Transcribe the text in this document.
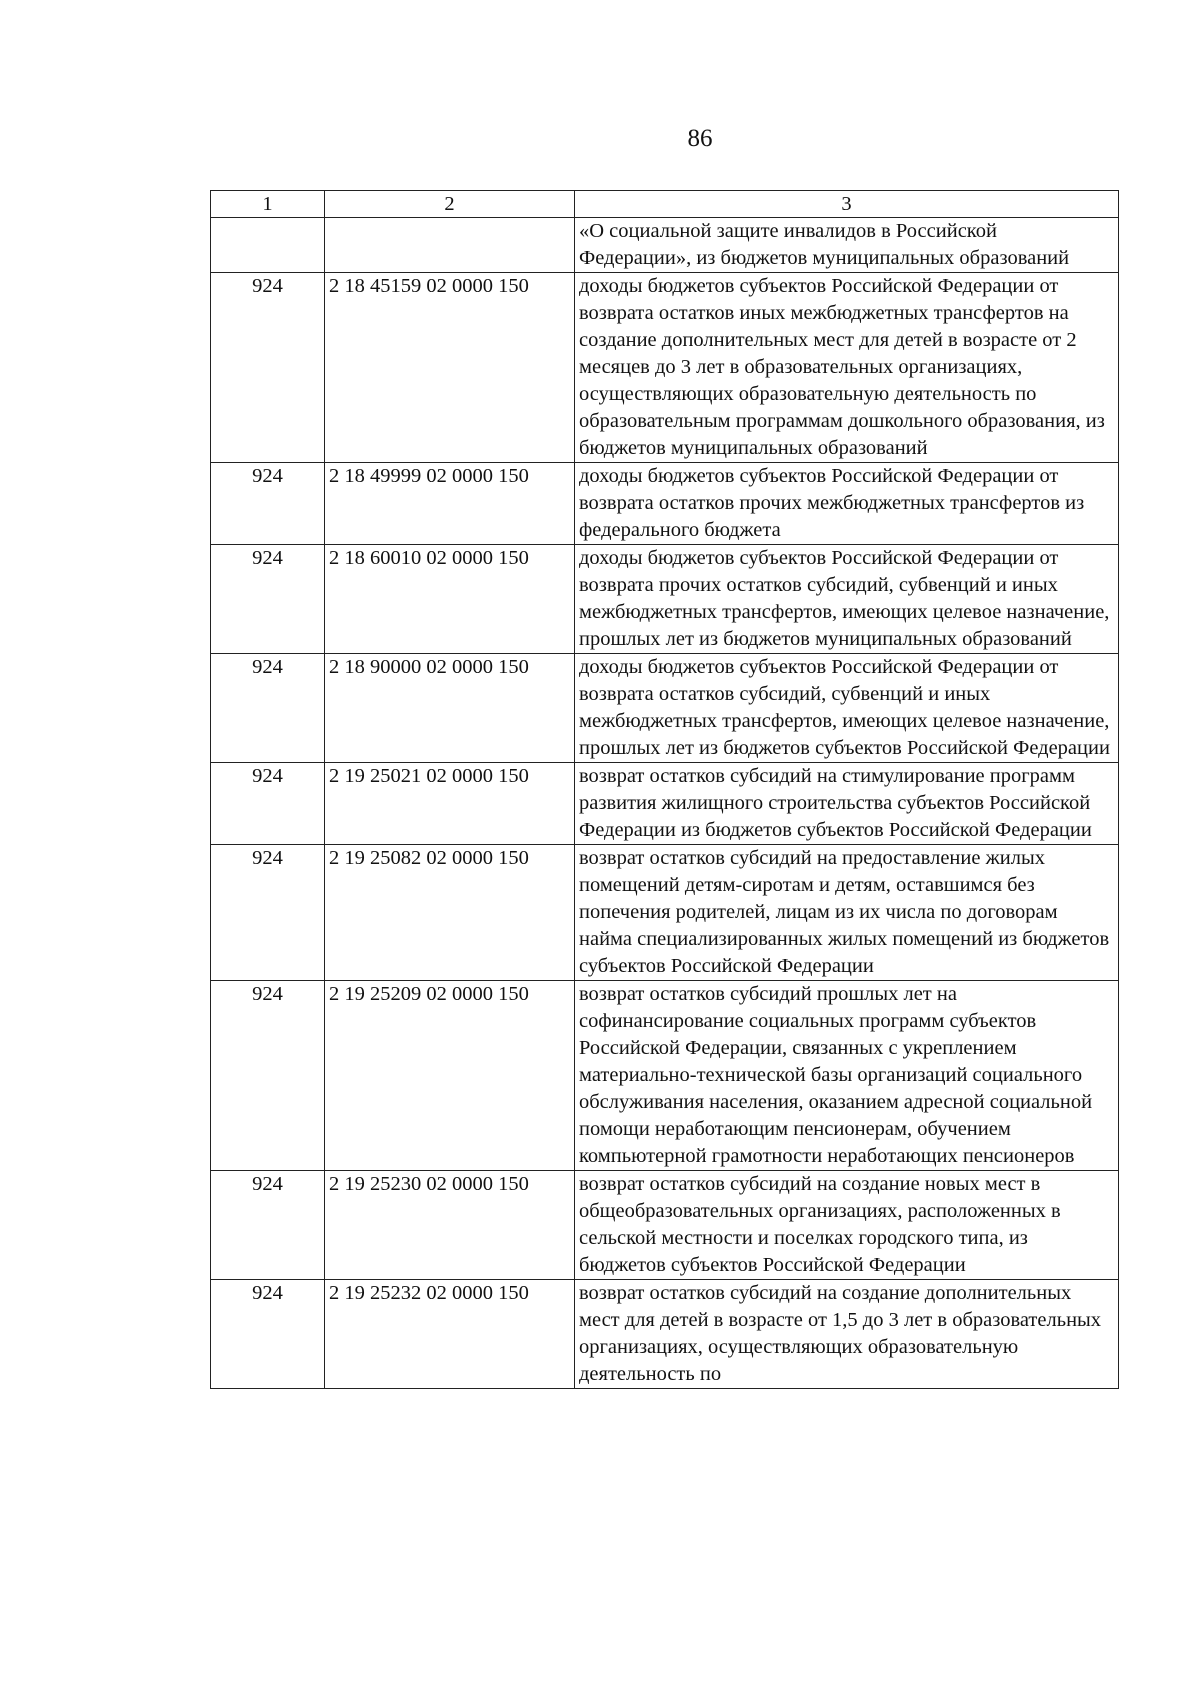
86
1	2	3
		«О социальной защите инвалидов в Российской Федерации», из бюджетов муниципальных образований
924	2 18 45159 02 0000 150	доходы бюджетов субъектов Российской Федерации от возврата остатков иных межбюджетных трансфертов на создание дополнительных мест для детей в возрасте от 2 месяцев до 3 лет в образовательных организациях, осуществляющих образовательную деятельность по образовательным программам дошкольного образования, из бюджетов муниципальных образований
924	2 18 49999 02 0000 150	доходы бюджетов субъектов Российской Федерации от возврата остатков прочих межбюджетных трансфертов из федерального бюджета
924	2 18 60010 02 0000 150	доходы бюджетов субъектов Российской Федерации от возврата прочих остатков субсидий, субвенций и иных межбюджетных трансфертов, имеющих целевое назначение, прошлых лет из бюджетов муниципальных образований
924	2 18 90000 02 0000 150	доходы бюджетов субъектов Российской Федерации от возврата остатков субсидий, субвенций и иных межбюджетных трансфертов, имеющих целевое назначение, прошлых лет из бюджетов субъектов Российской Федерации
924	2 19 25021 02 0000 150	возврат остатков субсидий на стимулирование программ развития жилищного строительства субъектов Российской Федерации из бюджетов субъектов Российской Федерации
924	2 19 25082 02 0000 150	возврат остатков субсидий на предоставление жилых помещений детям-сиротам и детям, оставшимся без попечения родителей, лицам из их числа по договорам найма специализированных жилых помещений из бюджетов субъектов Российской Федерации
924	2 19 25209 02 0000 150	возврат остатков субсидий прошлых лет на софинансирование социальных программ субъектов Российской Федерации, связанных с укреплением материально-технической базы организаций социального обслуживания населения, оказанием адресной социальной помощи неработающим пенсионерам, обучением компьютерной грамотности неработающих пенсионеров
924	2 19 25230 02 0000 150	возврат остатков субсидий на создание новых мест в общеобразовательных организациях, расположенных в сельской местности и поселках городского типа, из бюджетов субъектов Российской Федерации
924	2 19 25232 02 0000 150	возврат остатков субсидий на создание дополнительных мест для детей в возрасте от 1,5 до 3 лет в образовательных организациях, осуществляющих образовательную деятельность по
